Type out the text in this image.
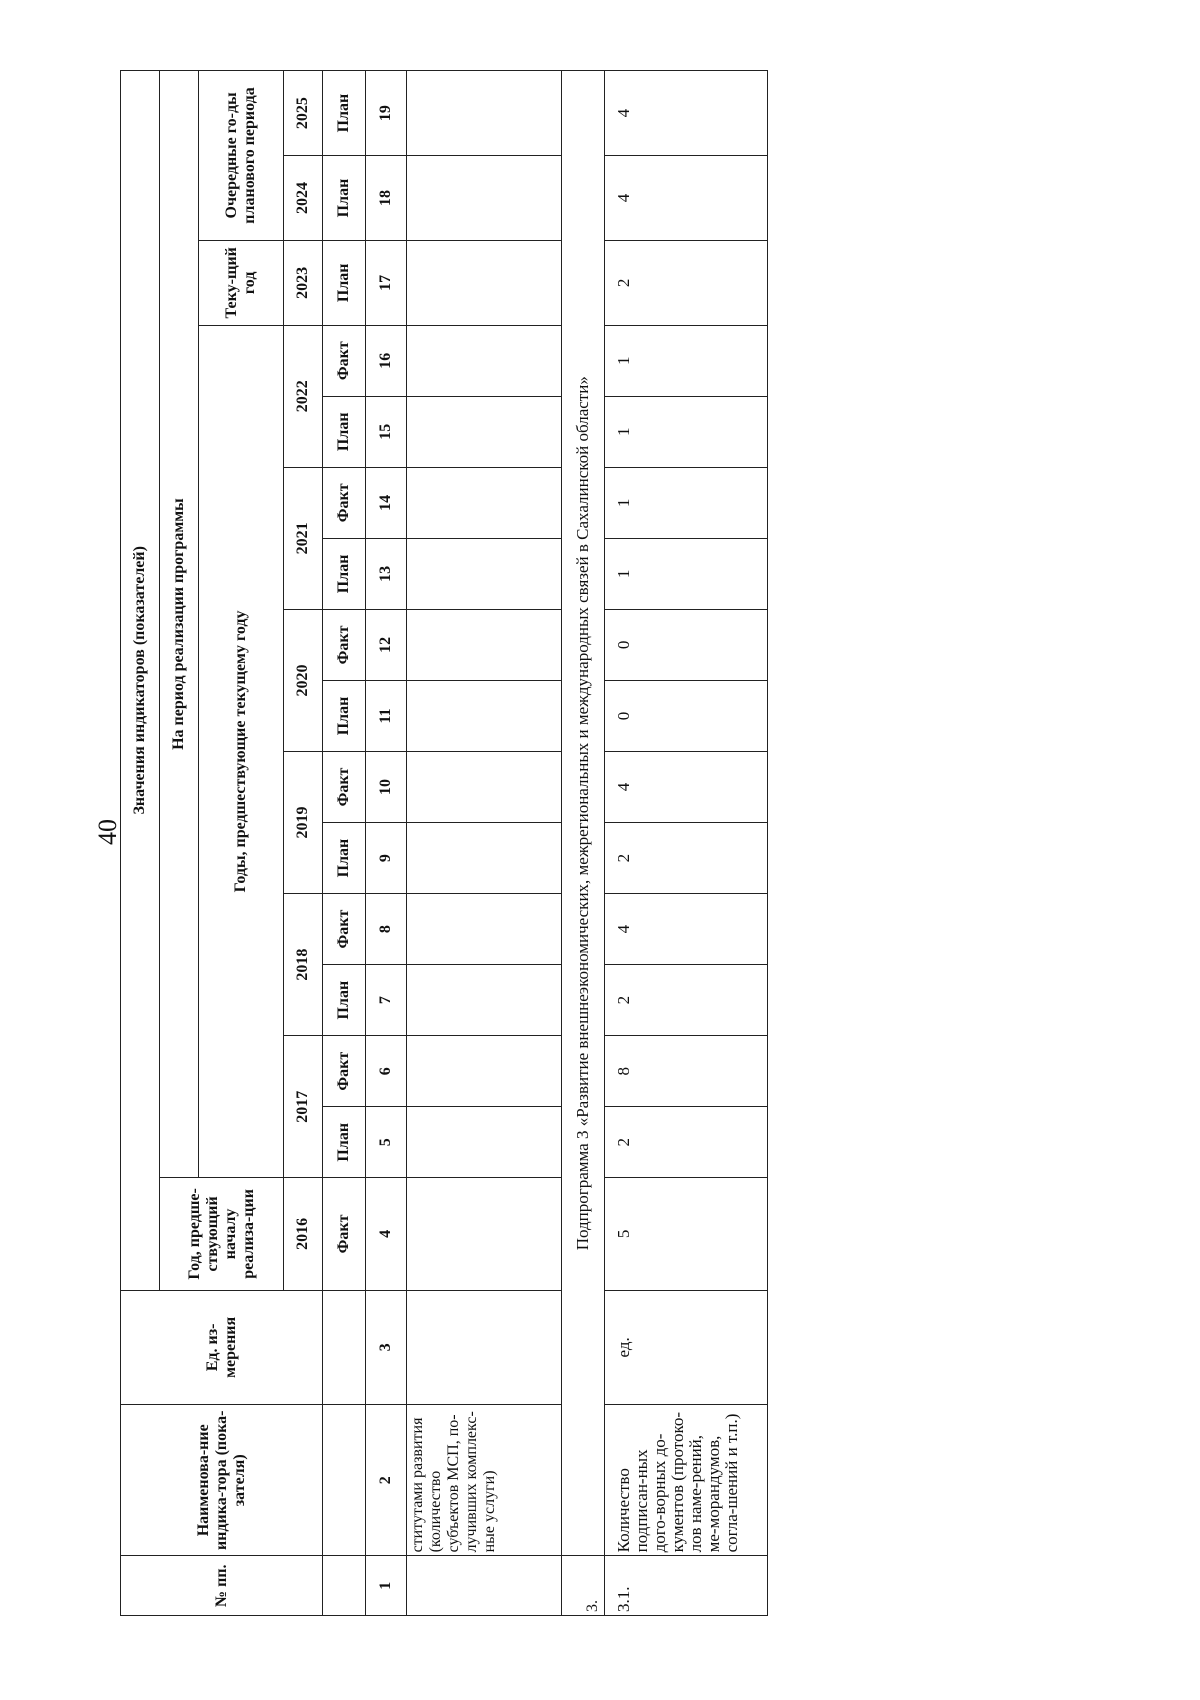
40
№ пп.	Наименова-ние индика-тора (пока-зателя)	Ед. из-мерения	Значения индикаторов (показателей)															
			Год, предше-ствующий началу реализа-ции	На период реализации программы														
				Годы, предшествующие текущему году												Теку-щий год	Очередные го-ды планового периода	
			2016	2017		2018		2019		2020		2021		2022		2023	2024	2025
			Факт	План	Факт	План	Факт	План	Факт	План	Факт	План	Факт	План	Факт	План	План	План
1	2	3	4	5	6	7	8	9	10	11	12	13	14	15	16	17	18	19
	ститутами развития (количество субъектов МСП, по-лучивших комплекс-ные услуги)																	
3.	Подпрограмма 3 «Развитие внешнеэкономических, межрегиональных и международных связей в Сахалинской области»																	
3.1.	Количество подписан-ных дого-ворных до-кументов (протоко-лов наме-рений, ме-морандумов, согла-шений и т.п.)	ед.	5	2	8	2	4	2	4	0	0	1	1	1	1	2	4	4
